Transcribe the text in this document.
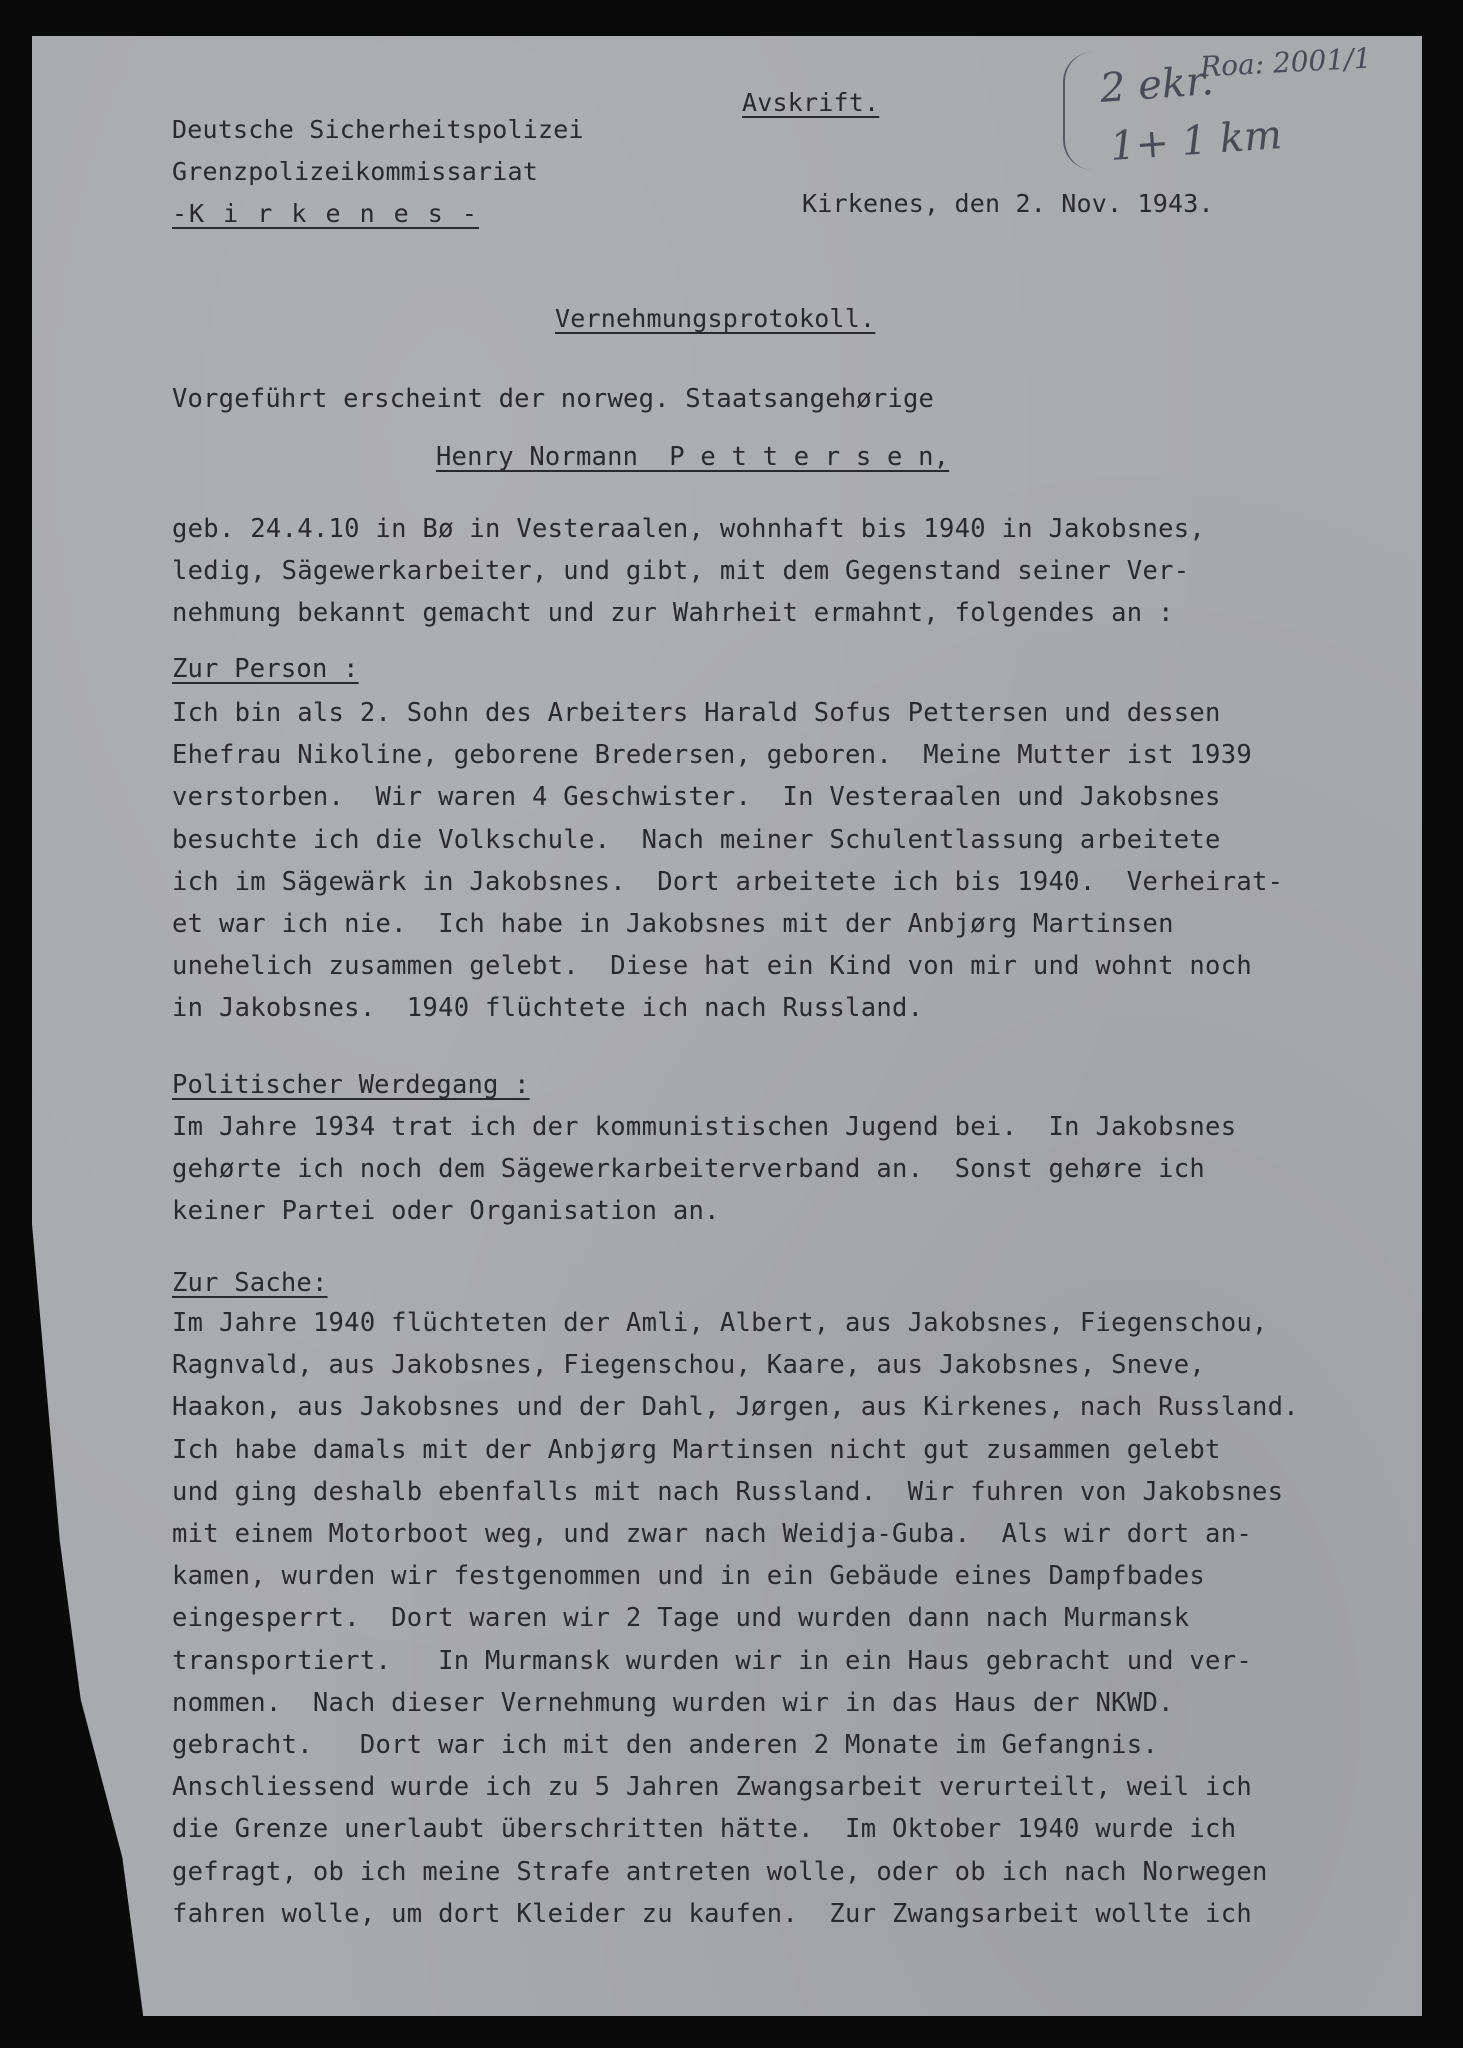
Roa: 2001/1
2 ekr.
1+ 1 km
Avskrift.
Deutsche Sicherheitspolizei
Grenzpolizeikommissariat
-K i r k e n e s -	Kirkenes, den 2. Nov. 1943.
Vernehmungsprotokoll.
Vorgeführt erscheint der norweg. Staatsangehørige
Henry Normann  P e t t e r s e n,
geb. 24.4.10 in Bø in Vesteraalen, wohnhaft bis 1940 in Jakobsnes,
ledig, Sägewerkarbeiter, und gibt, mit dem Gegenstand seiner Ver-
nehmung bekannt gemacht und zur Wahrheit ermahnt, folgendes an :
Zur Person :
Ich bin als 2. Sohn des Arbeiters Harald Sofus Pettersen und dessen
Ehefrau Nikoline, geborene Bredersen, geboren.  Meine Mutter ist 1939
verstorben.  Wir waren 4 Geschwister.  In Vesteraalen und Jakobsnes
besuchte ich die Volkschule.  Nach meiner Schulentlassung arbeitete
ich im Sägewärk in Jakobsnes.  Dort arbeitete ich bis 1940.  Verheirat-
et war ich nie.  Ich habe in Jakobsnes mit der Anbjørg Martinsen
unehelich zusammen gelebt.  Diese hat ein Kind von mir und wohnt noch
in Jakobsnes.  1940 flüchtete ich nach Russland.
Politischer Werdegang :
Im Jahre 1934 trat ich der kommunistischen Jugend bei.  In Jakobsnes
gehørte ich noch dem Sägewerkarbeiterverband an.  Sonst gehøre ich
keiner Partei oder Organisation an.
Zur Sache:
Im Jahre 1940 flüchteten der Amli, Albert, aus Jakobsnes, Fiegenschou,
Ragnvald, aus Jakobsnes, Fiegenschou, Kaare, aus Jakobsnes, Sneve,
Haakon, aus Jakobsnes und der Dahl, Jørgen, aus Kirkenes, nach Russland.
Ich habe damals mit der Anbjørg Martinsen nicht gut zusammen gelebt
und ging deshalb ebenfalls mit nach Russland.  Wir fuhren von Jakobsnes
mit einem Motorboot weg, und zwar nach Weidja-Guba.  Als wir dort an-
kamen, wurden wir festgenommen und in ein Gebäude eines Dampfbades
eingesperrt.  Dort waren wir 2 Tage und wurden dann nach Murmansk
transportiert.   In Murmansk wurden wir in ein Haus gebracht und ver-
nommen.  Nach dieser Vernehmung wurden wir in das Haus der NKWD.
gebracht.   Dort war ich mit den anderen 2 Monate im Gefangnis.
Anschliessend wurde ich zu 5 Jahren Zwangsarbeit verurteilt, weil ich
die Grenze unerlaubt überschritten hätte.  Im Oktober 1940 wurde ich
gefragt, ob ich meine Strafe antreten wolle, oder ob ich nach Norwegen
fahren wolle, um dort Kleider zu kaufen.  Zur Zwangsarbeit wollte ich
